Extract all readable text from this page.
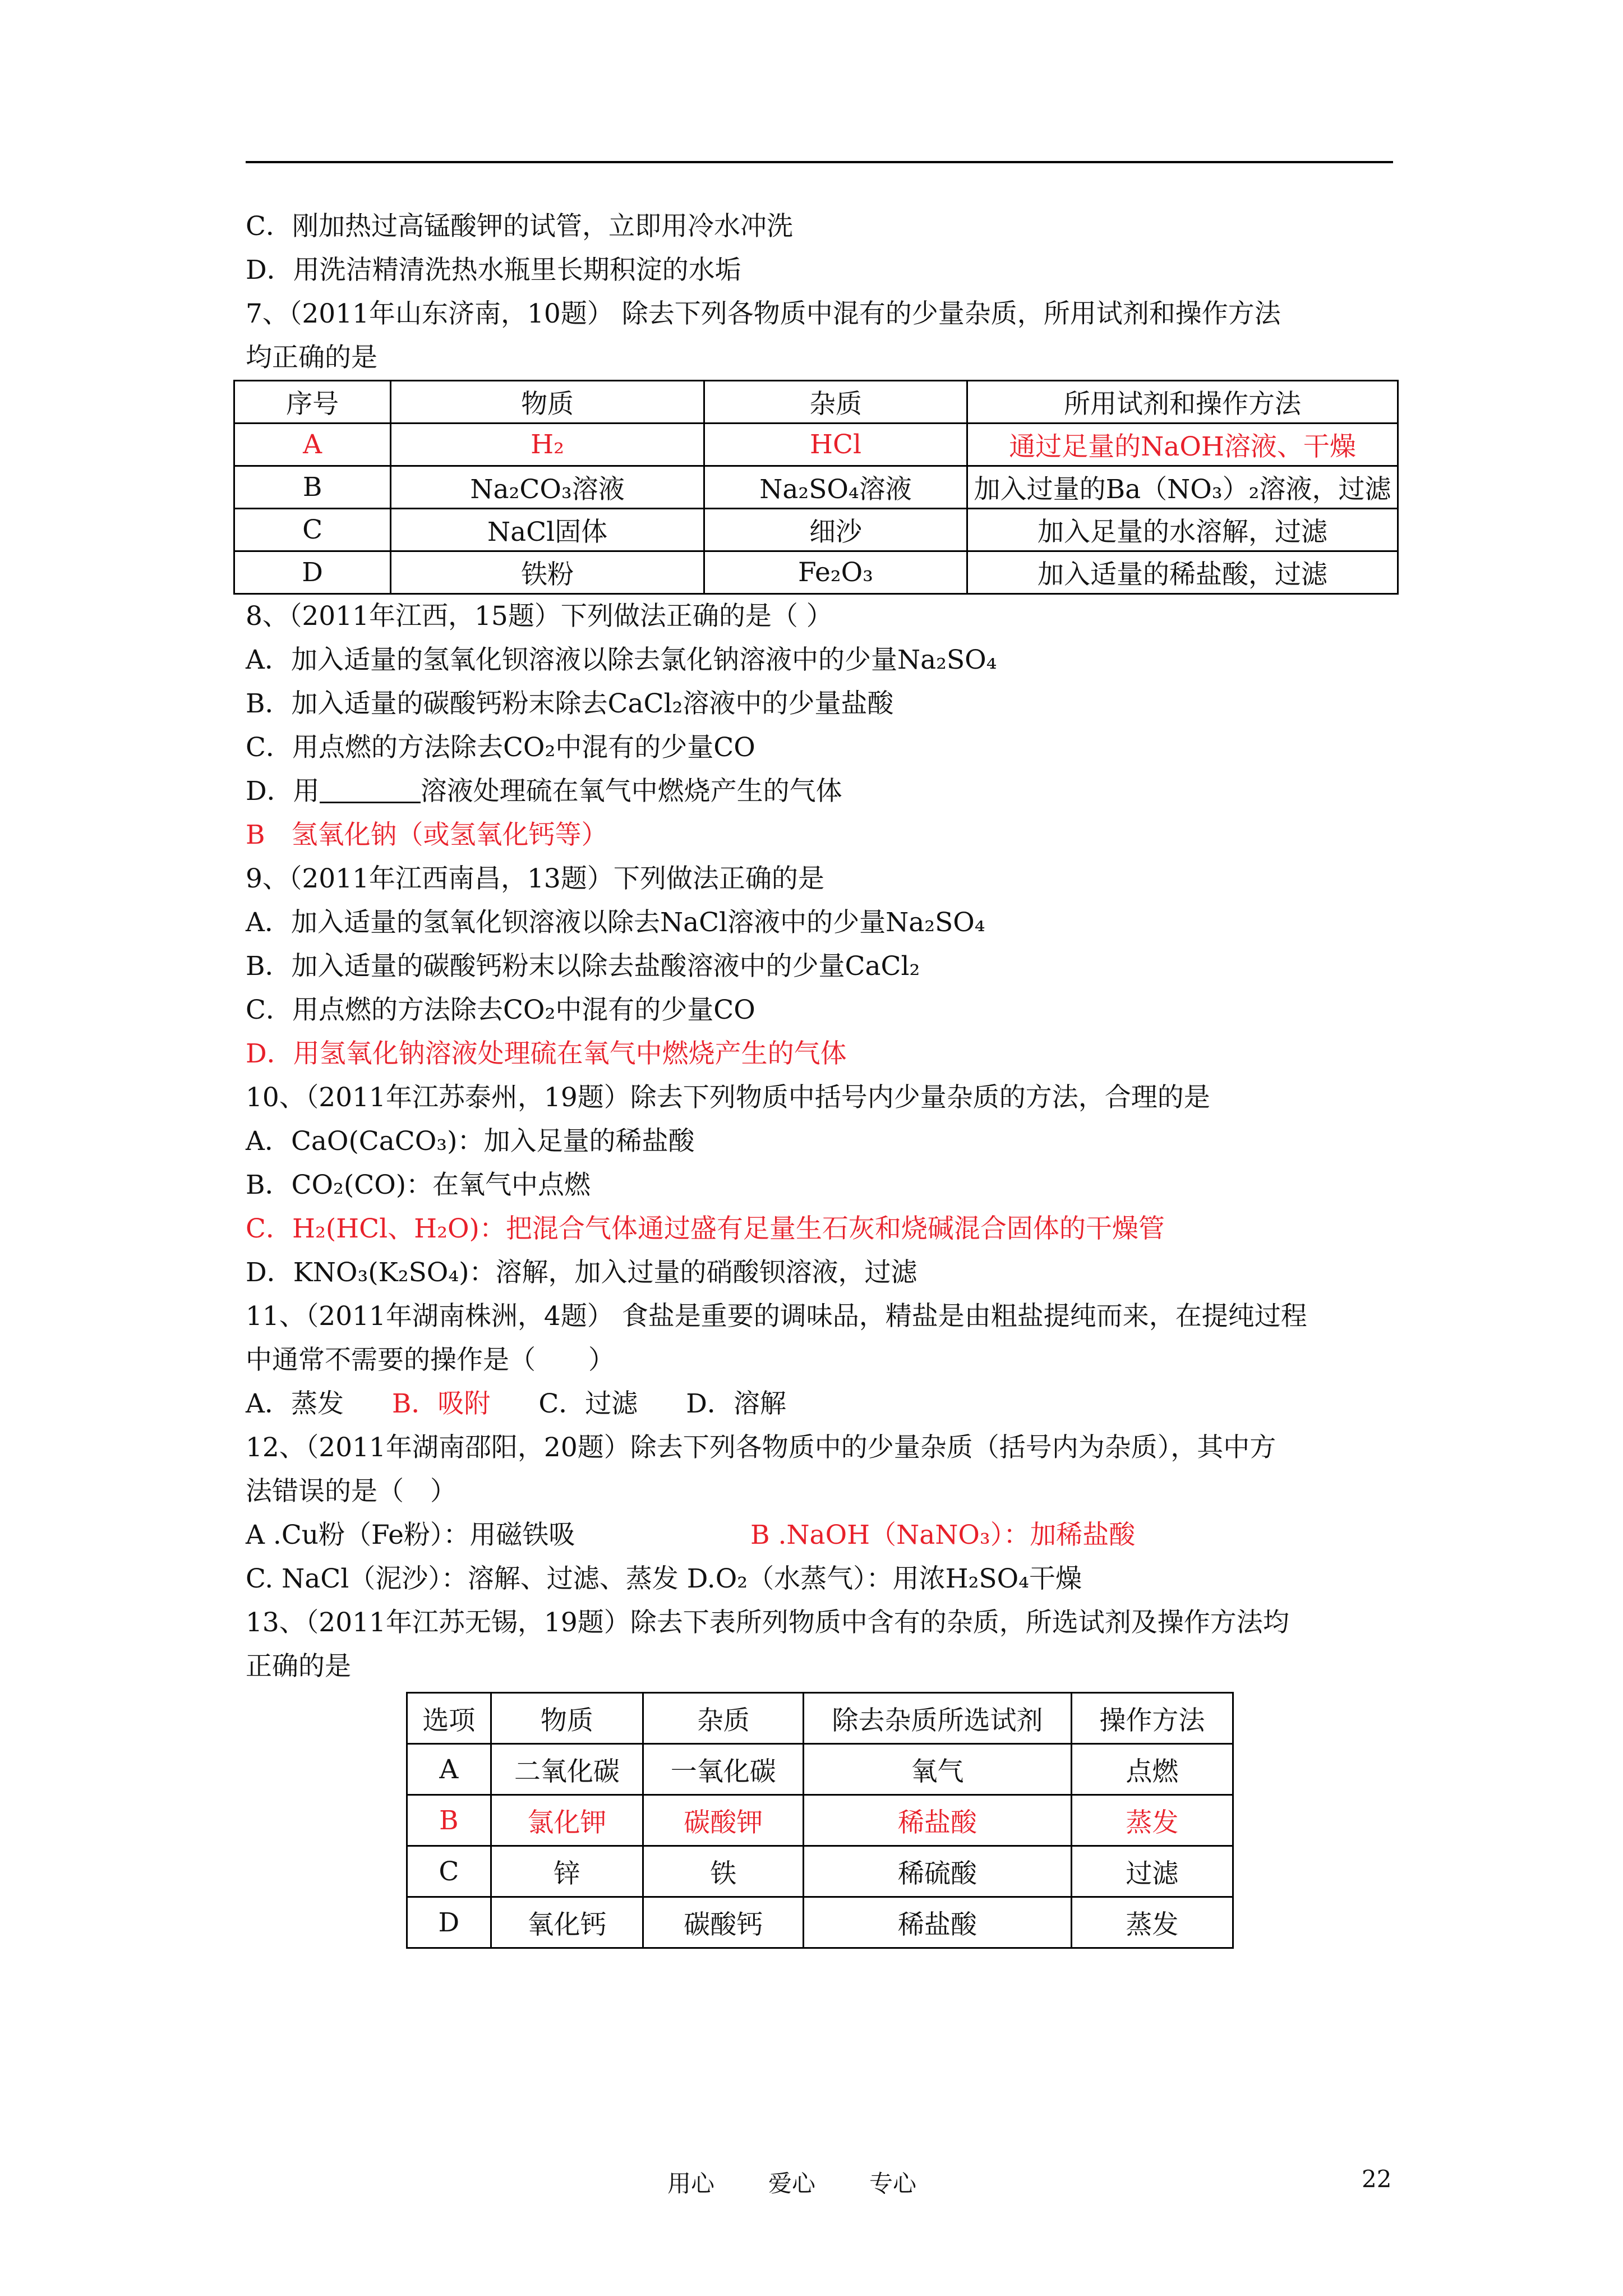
C．刚加热过高锰酸钾的试管，立即用冷水冲洗
D．用洗洁精清洗热水瓶里长期积淀的水垢
7、（2011年山东济南，10题） 除去下列各物质中混有的少量杂质，所用试剂和操作方法
均正确的是
序号	物质	杂质	所用试剂和操作方法
A	H₂	HCl	通过足量的NaOH溶液、干燥
B	Na₂CO₃溶液	Na₂SO₄溶液	加入过量的Ba（NO₃）₂溶液，过滤
C	NaCl固体	细沙	加入足量的水溶解，过滤
D	铁粉	Fe₂O₃	加入适量的稀盐酸，过滤
8、（2011年江西，15题）下列做法正确的是（ ）
A．加入适量的氢氧化钡溶液以除去氯化钠溶液中的少量Na₂SO₄
B．加入适量的碳酸钙粉末除去CaCl₂溶液中的少量盐酸
C．用点燃的方法除去CO₂中混有的少量CO
D．用	溶液处理硫在氧气中燃烧产生的气体
B　氢氧化钠（或氢氧化钙等）
9、（2011年江西南昌，13题）下列做法正确的是
A．加入适量的氢氧化钡溶液以除去NaCl溶液中的少量Na₂SO₄
B．加入适量的碳酸钙粉末以除去盐酸溶液中的少量CaCl₂
C．用点燃的方法除去CO₂中混有的少量CO
D．用氢氧化钠溶液处理硫在氧气中燃烧产生的气体
10、（2011年江苏泰州，19题）除去下列物质中括号内少量杂质的方法，合理的是
A．CaO(CaCO₃)：加入足量的稀盐酸
B．CO₂(CO)：在氧气中点燃
C．H₂(HCl、H₂O)：把混合气体通过盛有足量生石灰和烧碱混合固体的干燥管
D．KNO₃(K₂SO₄)：溶解，加入过量的硝酸钡溶液，过滤
11、（2011年湖南株洲，4题） 食盐是重要的调味品，精盐是由粗盐提纯而来，在提纯过程
中通常不需要的操作是（　　）
A．蒸发 B．吸附 C．过滤 D．溶解
12、（2011年湖南邵阳，20题）除去下列各物质中的少量杂质（括号内为杂质），其中方
法错误的是（　）
A .Cu粉（Fe粉）：用磁铁吸	B .NaOH（NaNO₃）：加稀盐酸
C. NaCl（泥沙）：溶解、过滤、蒸发 D.O₂（水蒸气）：用浓H₂SO₄干燥
13、（2011年江苏无锡，19题）除去下表所列物质中含有的杂质，所选试剂及操作方法均
正确的是
选项	物质	杂质	除去杂质所选试剂	操作方法
A	二氧化碳	一氧化碳	氧气	点燃
B	氯化钾	碳酸钾	稀盐酸	蒸发
C	锌	铁	稀硫酸	过滤
D	氧化钙	碳酸钙	稀盐酸	蒸发
用心 爱心 专心	22
